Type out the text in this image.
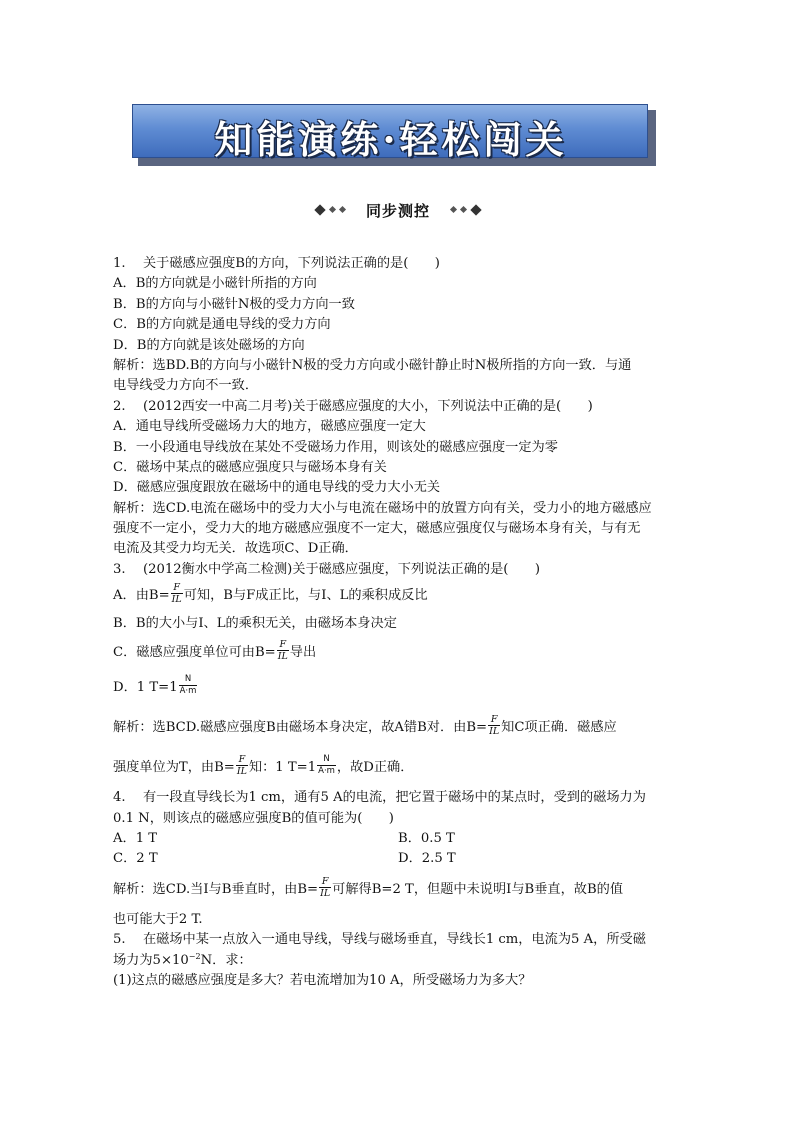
知能演练·轻松闯关
同步测控
1.　 关于磁感应强度B的方向，下列说法正确的是(　　)
A．B的方向就是小磁针所指的方向
B．B的方向与小磁针N极的受力方向一致
C．B的方向就是通电导线的受力方向
D．B的方向就是该处磁场的方向
解析：选BD.B的方向与小磁针N极的受力方向或小磁针静止时N极所指的方向一致．与通
电导线受力方向不一致．
2.　 (2012西安一中高二月考)关于磁感应强度的大小，下列说法中正确的是(　　)
A．通电导线所受磁场力大的地方，磁感应强度一定大
B．一小段通电导线放在某处不受磁场力作用，则该处的磁感应强度一定为零
C．磁场中某点的磁感应强度只与磁场本身有关
D．磁感应强度跟放在磁场中的通电导线的受力大小无关
解析：选CD.电流在磁场中的受力大小与电流在磁场中的放置方向有关，受力小的地方磁感应
强度不一定小，受力大的地方磁感应强度不一定大，磁感应强度仅与磁场本身有关，与有无
电流及其受力均无关．故选项C、D正确．
3.　 (2012衡水中学高二检测)关于磁感应强度，下列说法正确的是(　　)
A．由$B= \frac{F}{IL}$ 可知，B与F成正比，与I、L的乘积成反比
B．B的大小与I、L的乘积无关，由磁场本身决定
C．磁感应强度单位可由$B= \frac{F}{IL}$ 导出
D．1 $T=1 \frac{N}{A\cdot m}$
解析：选BCD.磁感应强度B由磁场本身决定，故A错B对．由$B= \frac{F}{IL}$ 知C项正确．磁感应
强度单位为T，由$B= \frac{F}{IL}$ 知：1 $T=1 \frac{N}{A\cdot m}$ ，故D正确．
4.　 有一段直导线长为1 cm，通有5 A的电流，把它置于磁场中的某点时，受到的磁场力为
0.1 N，则该点的磁感应强度B的值可能为(　　)
A．1 T	B．0.5 T
C．2 T	D．2.5 T
解析：选CD.当I与B垂直时，由$B= \frac{F}{IL}$ 可解得B=2 T，但题中未说明I与B垂直，故B的值
也可能大于2 T.
5.　 在磁场中某一点放入一通电导线，导线与磁场垂直，导线长1 cm，电流为5 A，所受磁
场力为$5\times 10^{-2}N$．求：
(1)这点的磁感应强度是多大？若电流增加为10 A，所受磁场力为多大？
